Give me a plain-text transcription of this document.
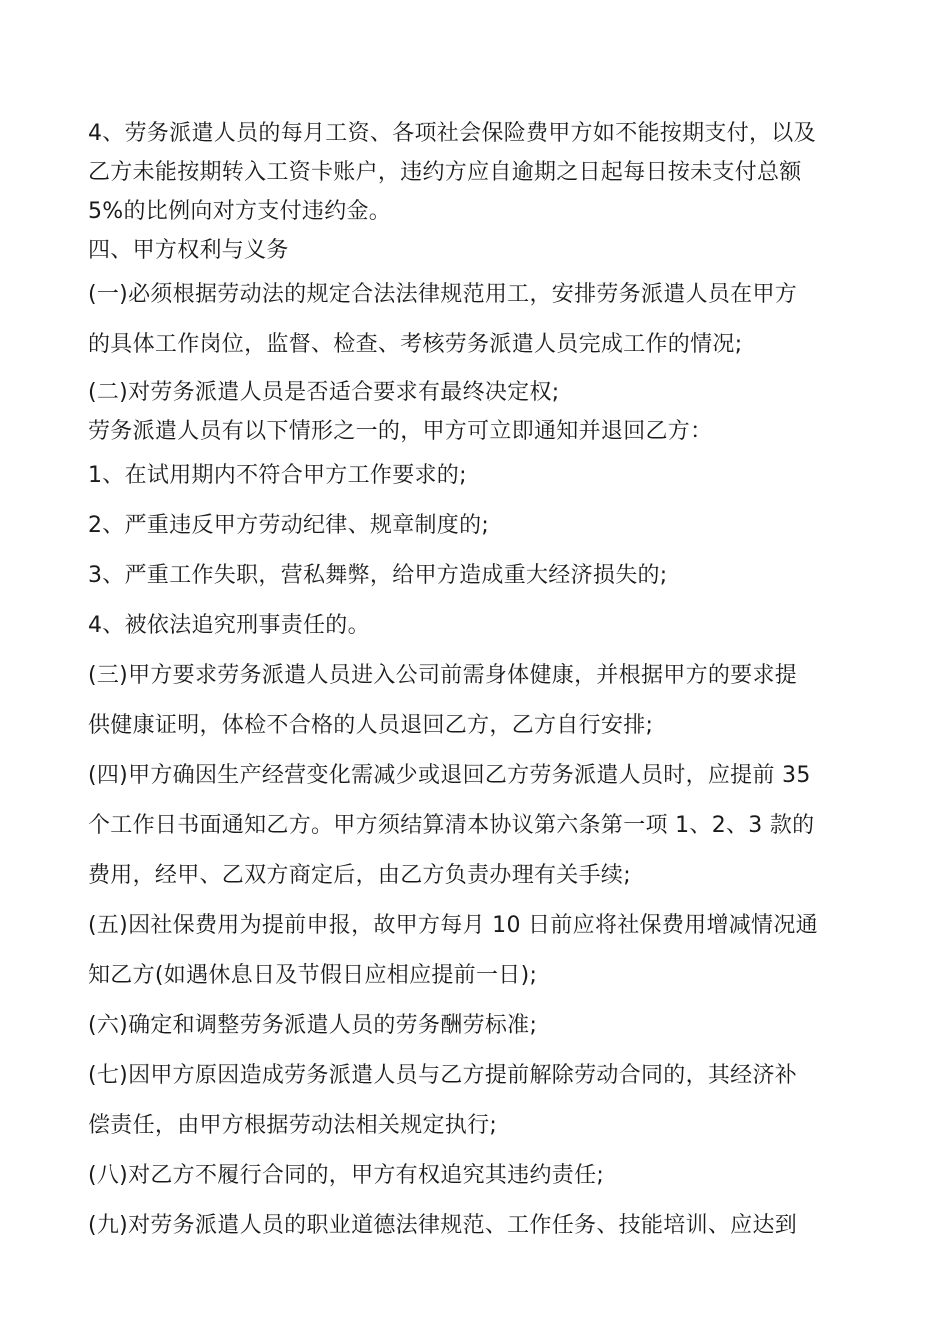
4、劳务派遣人员的每月工资、各项社会保险费甲方如不能按期支付，以及
乙方未能按期转入工资卡账户，违约方应自逾期之日起每日按未支付总额
5%的比例向对方支付违约金。

四、甲方权利与义务

(一)必须根据劳动法的规定合法法律规范用工，安排劳务派遣人员在甲方
的具体工作岗位，监督、检查、考核劳务派遣人员完成工作的情况;

(二)对劳务派遣人员是否适合要求有最终决定权;

劳务派遣人员有以下情形之一的，甲方可立即通知并退回乙方：

1、在试用期内不符合甲方工作要求的;

2、严重违反甲方劳动纪律、规章制度的;

3、严重工作失职，营私舞弊，给甲方造成重大经济损失的;

4、被依法追究刑事责任的。

(三)甲方要求劳务派遣人员进入公司前需身体健康，并根据甲方的要求提
供健康证明，体检不合格的人员退回乙方，乙方自行安排;

(四)甲方确因生产经营变化需减少或退回乙方劳务派遣人员时，应提前 35
个工作日书面通知乙方。甲方须结算清本协议第六条第一项 1、2、3 款的
费用，经甲、乙双方商定后，由乙方负责办理有关手续;

(五)因社保费用为提前申报，故甲方每月 10 日前应将社保费用增减情况通
知乙方(如遇休息日及节假日应相应提前一日);

(六)确定和调整劳务派遣人员的劳务酬劳标准;

(七)因甲方原因造成劳务派遣人员与乙方提前解除劳动合同的，其经济补
偿责任，由甲方根据劳动法相关规定执行;

(八)对乙方不履行合同的，甲方有权追究其违约责任;

(九)对劳务派遣人员的职业道德法律规范、工作任务、技能培训、应达到
